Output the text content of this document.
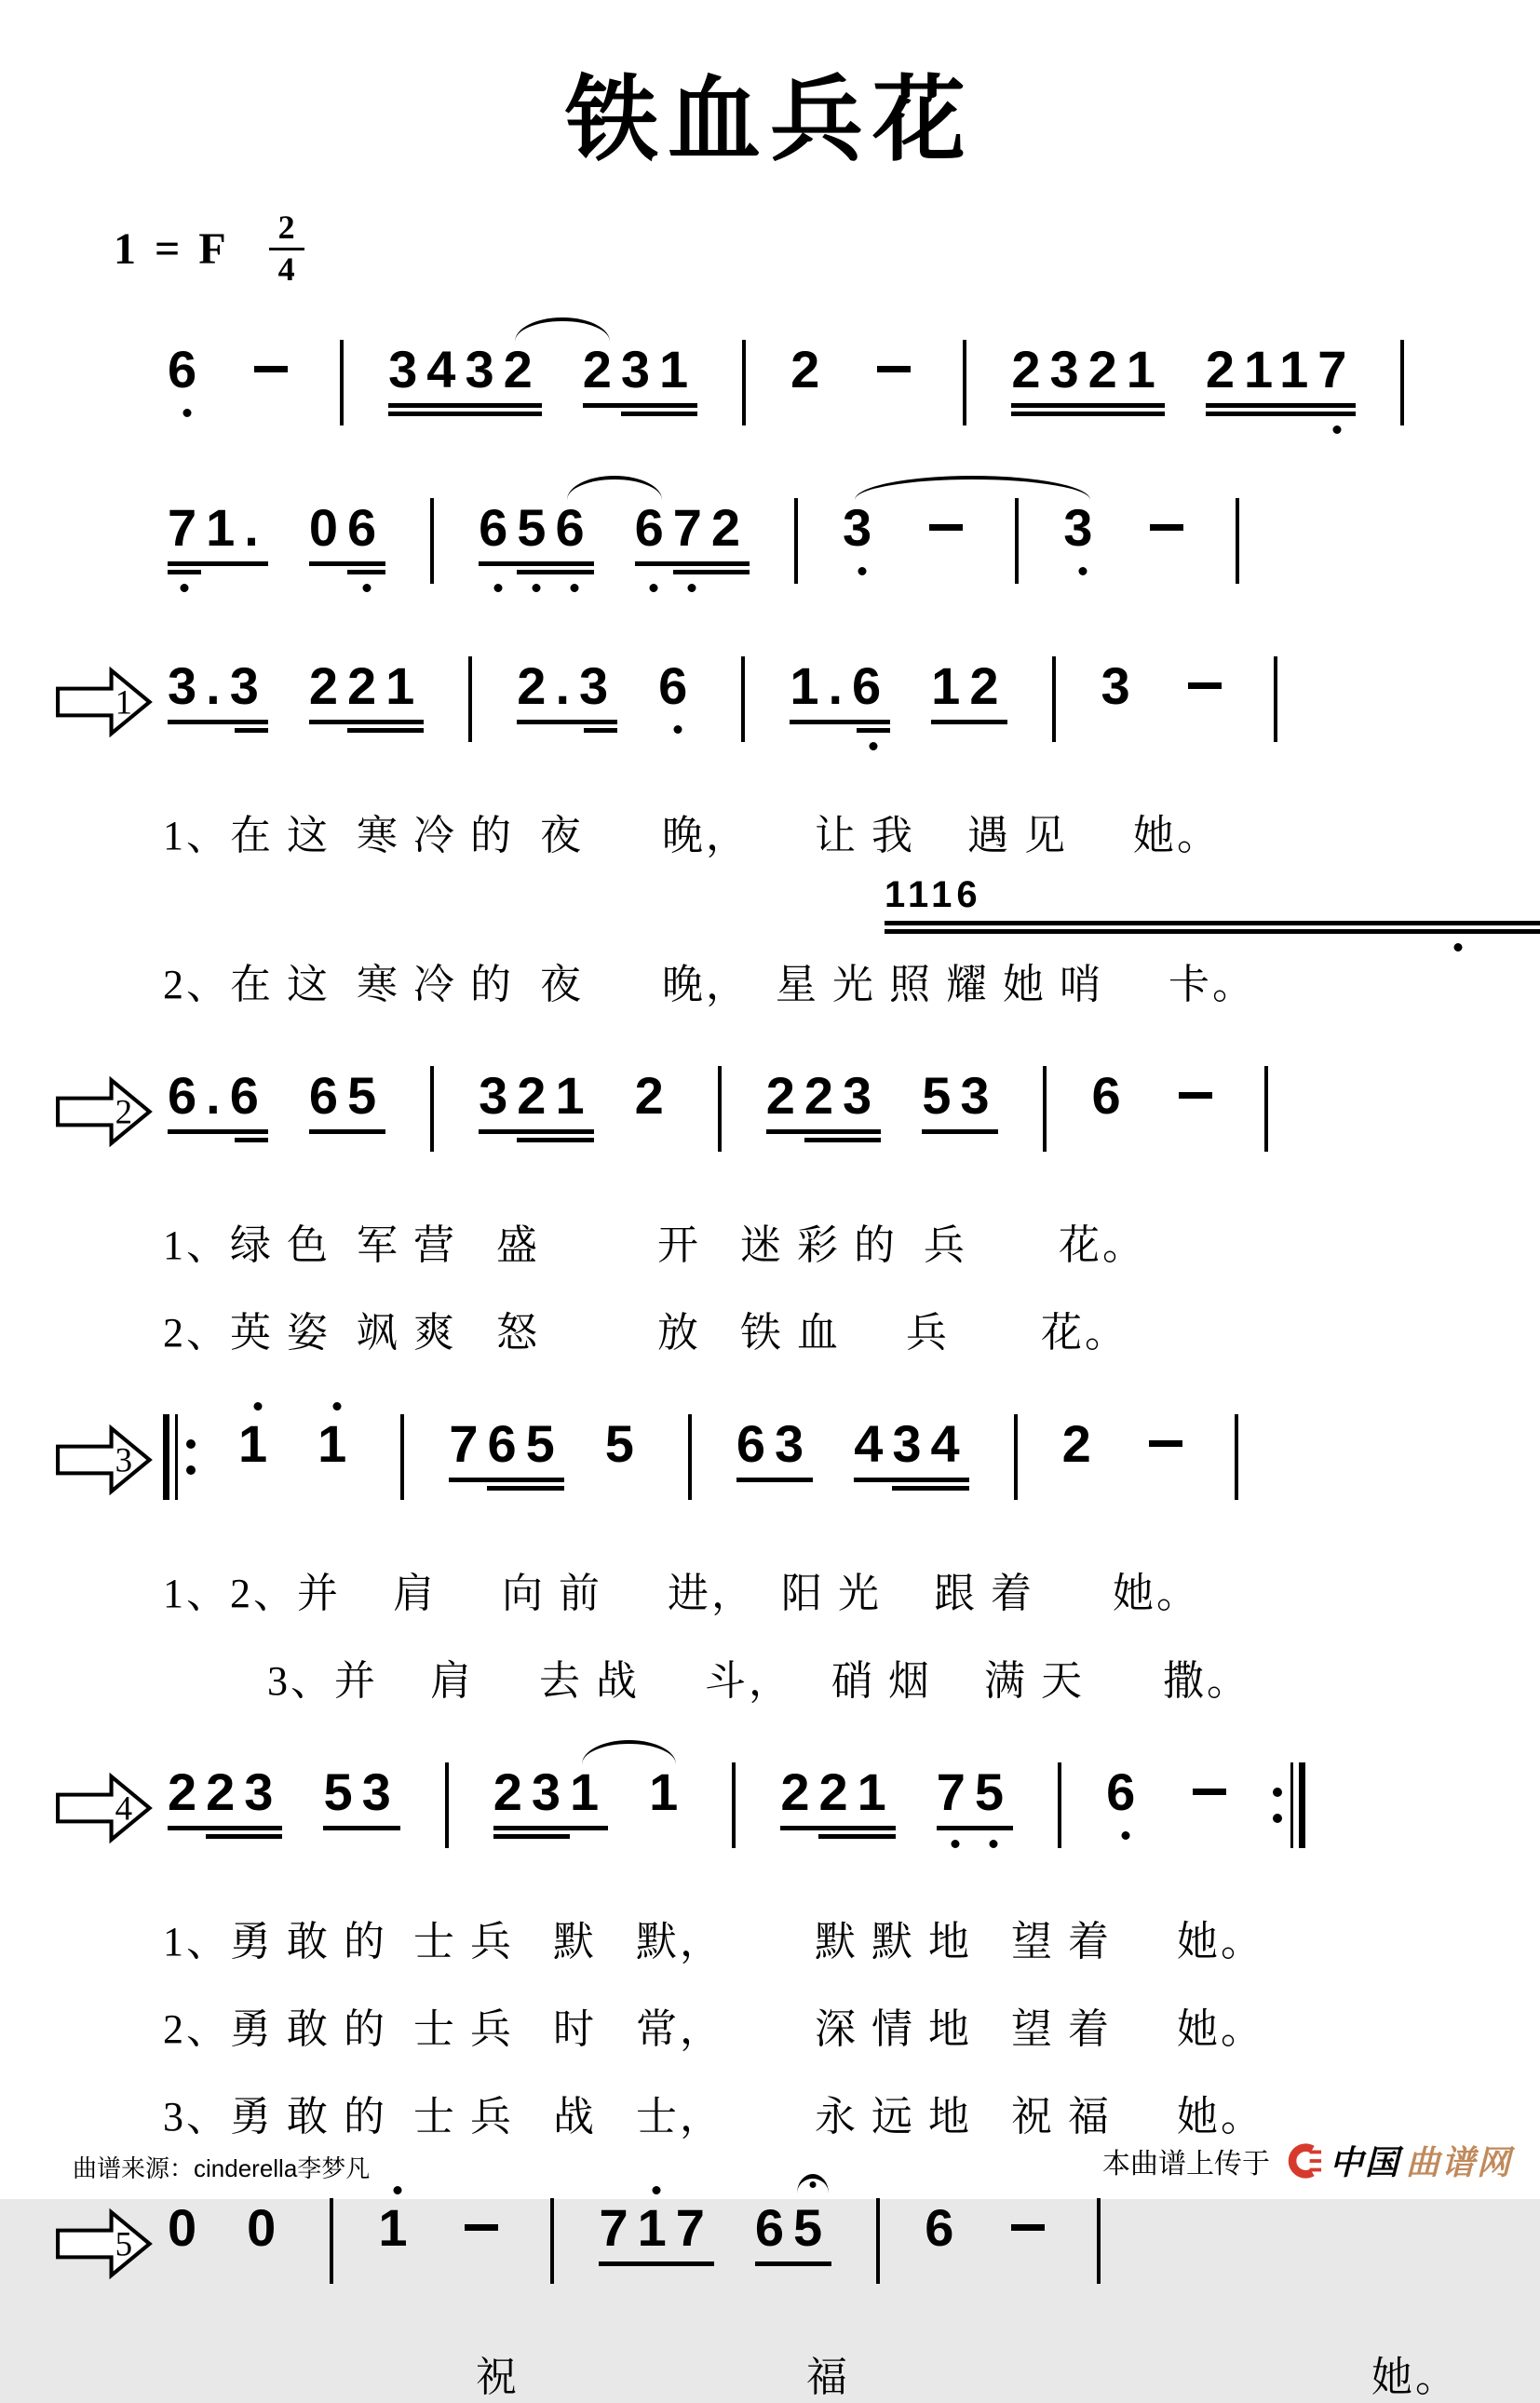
铁血兵花
1 = F $\frac{2}{4}$
6	3432 231 2	2321 2117
71. 06 656 672 3	3
1 3.3 221 2.3 6 1.6 12 3
1、在 这  寒 冷 的  夜      晚，     让 我    遇 见     她。
1116
2、在 这  寒 冷 的  夜      晚，  星 光 照 耀 她 哨     卡。
2 6.6 65 321 2 223 53 6
1、绿 色  军 营   盛         开   迷 彩 的  兵       花。
2、英 姿  飒 爽   怒         放   铁 血     兵       花。
3 1 1 765 5 63 434 2
1、2、并    肩     向 前     进，  阳 光    跟 着      她。
3、并    肩     去 战     斗，   硝 烟    满 天      撒。
4 223 53 231 1 221 75 6
1、勇 敢 的  士 兵   默   默，       默 默 地   望 着     她。
2、勇 敢 的  士 兵   时   常，       深 情 地   望 着     她。
3、勇 敢 的  士 兵   战   士，       永 远 地   祝 福     她。
5 0 0 1	717 65 6
祝                      福                                        她。
曲谱来源：cinderella李梦凡	本曲谱上传于 中国 曲谱网
